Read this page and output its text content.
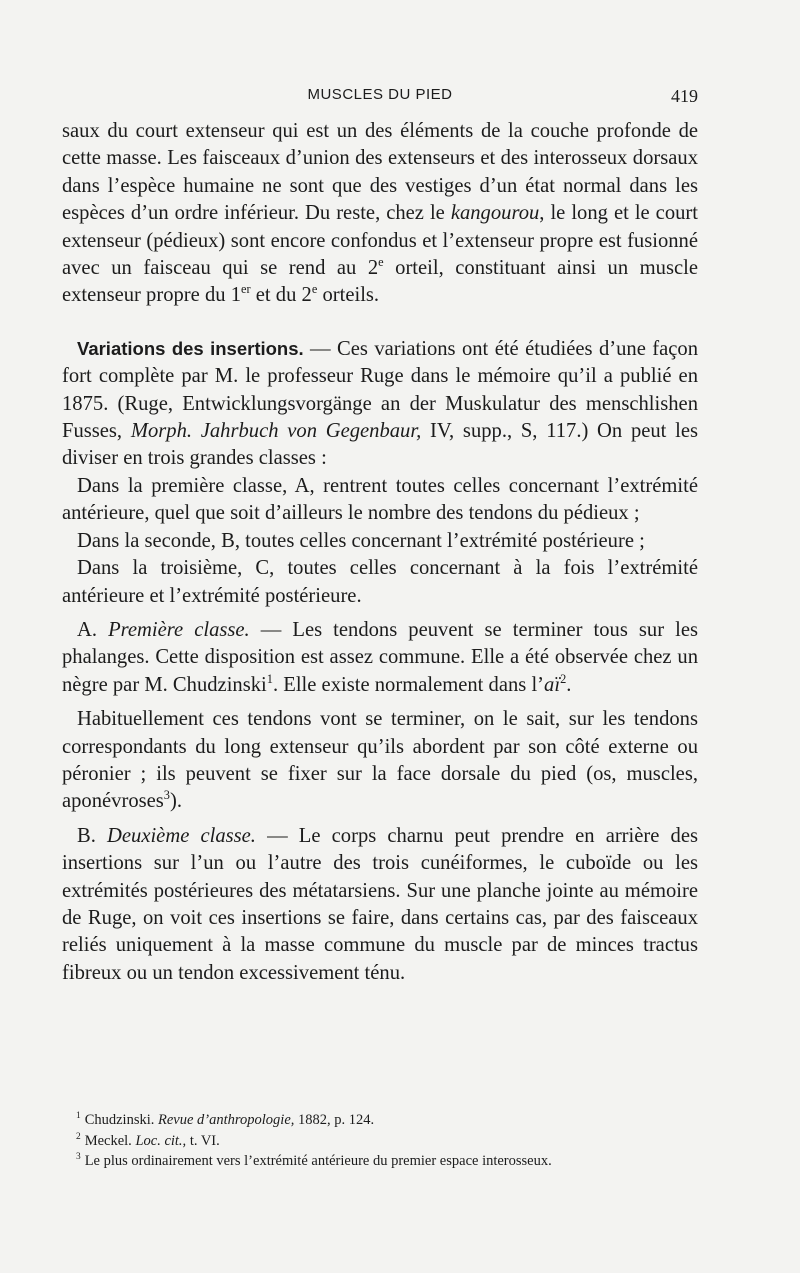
MUSCLES DU PIED	419

saux du court extenseur qui est un des éléments de la couche profonde de cette masse. Les faisceaux d’union des extenseurs et des interosseux dorsaux dans l’espèce humaine ne sont que des vestiges d’un état normal dans les espèces d’un ordre inférieur. Du reste, chez le kangourou, le long et le court extenseur (pédieux) sont encore confondus et l’extenseur propre est fusionné avec un faisceau qui se rend au 2e orteil, constituant ainsi un muscle extenseur propre du 1er et du 2e orteils.

Variations des insertions. — Ces variations ont été étudiées d’une façon fort complète par M. le professeur Ruge dans le mémoire qu’il a publié en 1875. (Ruge, Entwicklungsvorgänge an der Muskulatur des menschlishen Fusses, Morph. Jahrbuch von Gegenbaur, IV, supp., S, 117.) On peut les diviser en trois grandes classes :

Dans la première classe, A, rentrent toutes celles concernant l’extrémité antérieure, quel que soit d’ailleurs le nombre des tendons du pédieux ;

Dans la seconde, B, toutes celles concernant l’extrémité postérieure ;

Dans la troisième, C, toutes celles concernant à la fois l’extrémité antérieure et l’extrémité postérieure.

A. Première classe. — Les tendons peuvent se terminer tous sur les phalanges. Cette disposition est assez commune. Elle a été observée chez un nègre par M. Chudzinski$^1$. Elle existe normalement dans $l’aï^2$.

Habituellement ces tendons vont se terminer, on le sait, sur les tendons correspondants du long extenseur qu’ils abordent par son côté externe ou péronier ; ils peuvent se fixer sur la face dorsale du pied (os, muscles, aponévroses$^3$).

B. Deuxième classe. — Le corps charnu peut prendre en arrière des insertions sur l’un ou l’autre des trois cunéiformes, le cuboïde ou les extrémités postérieures des métatarsiens. Sur une planche jointe au mémoire de Ruge, on voit ces insertions se faire, dans certains cas, par des faisceaux reliés uniquement à la masse commune du muscle par de minces tractus fibreux ou un tendon excessivement ténu.

$^1$ Chudzinski. Revue d’anthropologie, 1882, p. 124.

$^2$ Meckel. Loc. cit., t. VI.

$^3$ Le plus ordinairement vers l’extrémité antérieure du premier espace interosseux.
